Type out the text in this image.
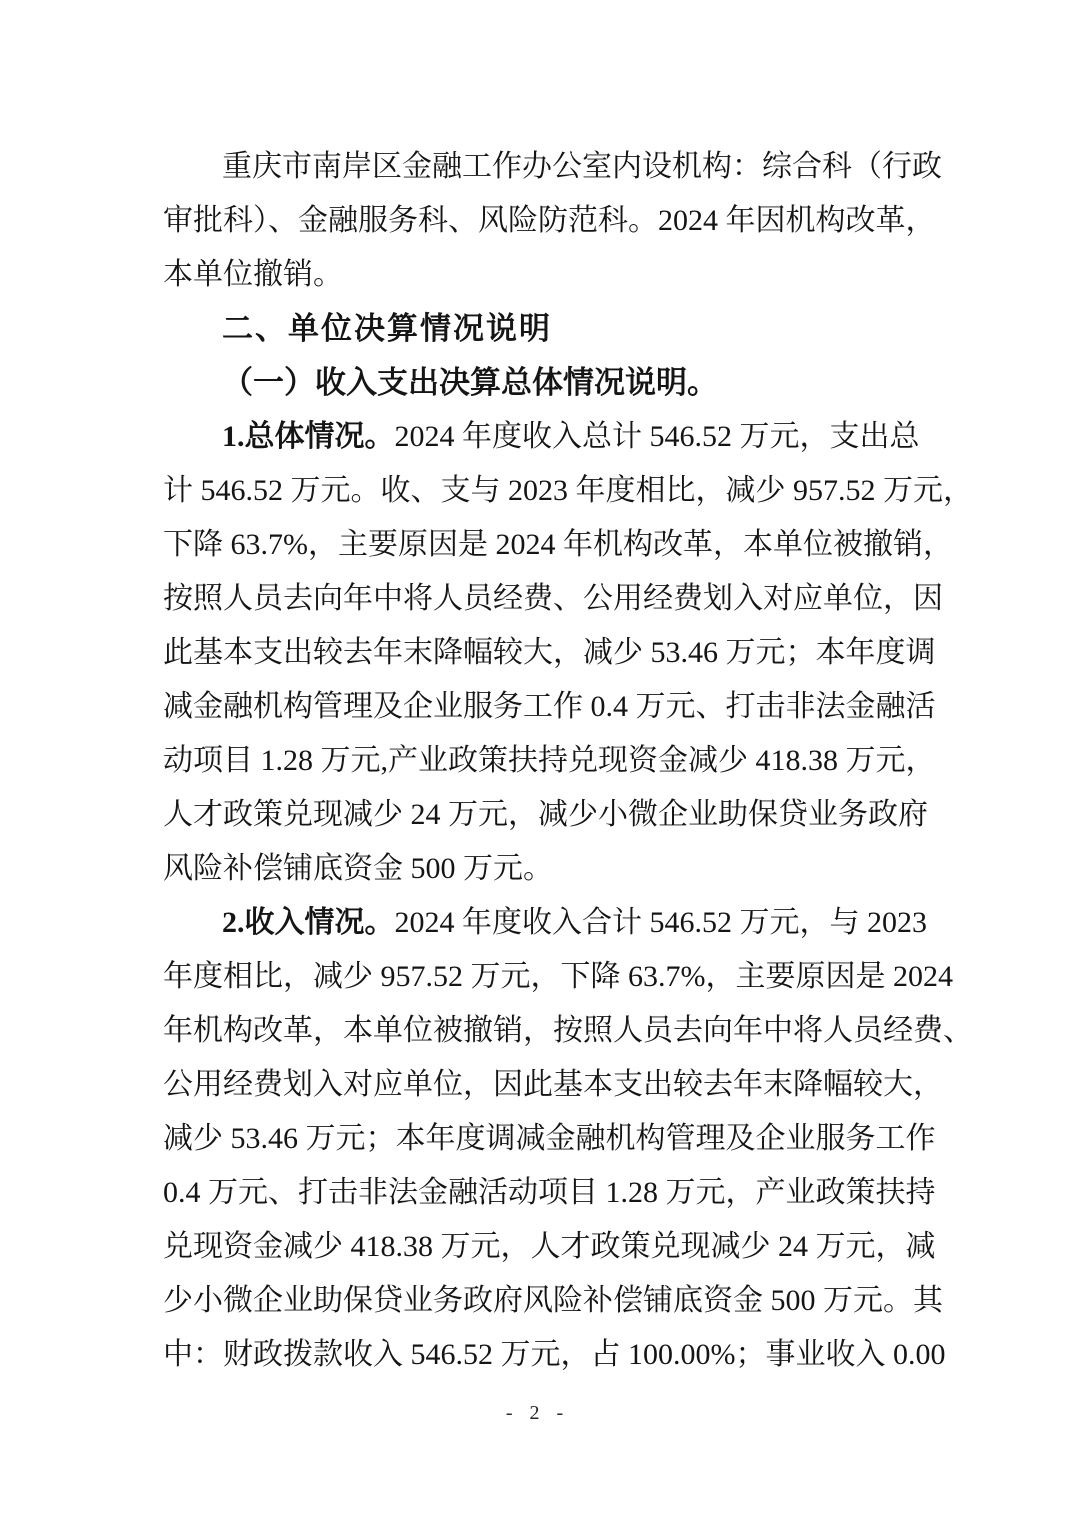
重庆市南岸区金融工作办公室内设机构：综合科（行政
审批科）、金融服务科、风险防范科。2024 年因机构改革，
本单位撤销。
二、单位决算情况说明
（一）收入支出决算总体情况说明。
1.总体情况。2024 年度收入总计 546.52 万元，支出总
计 546.52 万元。收、支与 2023 年度相比，减少 957.52 万元，
下降 63.7%，主要原因是 2024 年机构改革，本单位被撤销，
按照人员去向年中将人员经费、公用经费划入对应单位，因
此基本支出较去年末降幅较大，减少 53.46 万元；本年度调
减金融机构管理及企业服务工作 0.4 万元、打击非法金融活
动项目 1.28 万元,产业政策扶持兑现资金减少 418.38 万元，
人才政策兑现减少 24 万元，减少小微企业助保贷业务政府
风险补偿铺底资金 500 万元。
2.收入情况。2024 年度收入合计 546.52 万元，与 2023
年度相比，减少 957.52 万元，下降 63.7%，主要原因是 2024
年机构改革，本单位被撤销，按照人员去向年中将人员经费、
公用经费划入对应单位，因此基本支出较去年末降幅较大，
减少 53.46 万元；本年度调减金融机构管理及企业服务工作
0.4 万元、打击非法金融活动项目 1.28 万元，产业政策扶持
兑现资金减少 418.38 万元，人才政策兑现减少 24 万元，减
少小微企业助保贷业务政府风险补偿铺底资金 500 万元。其
中：财政拨款收入 546.52 万元，占 100.00%；事业收入 0.00
- 2 -
